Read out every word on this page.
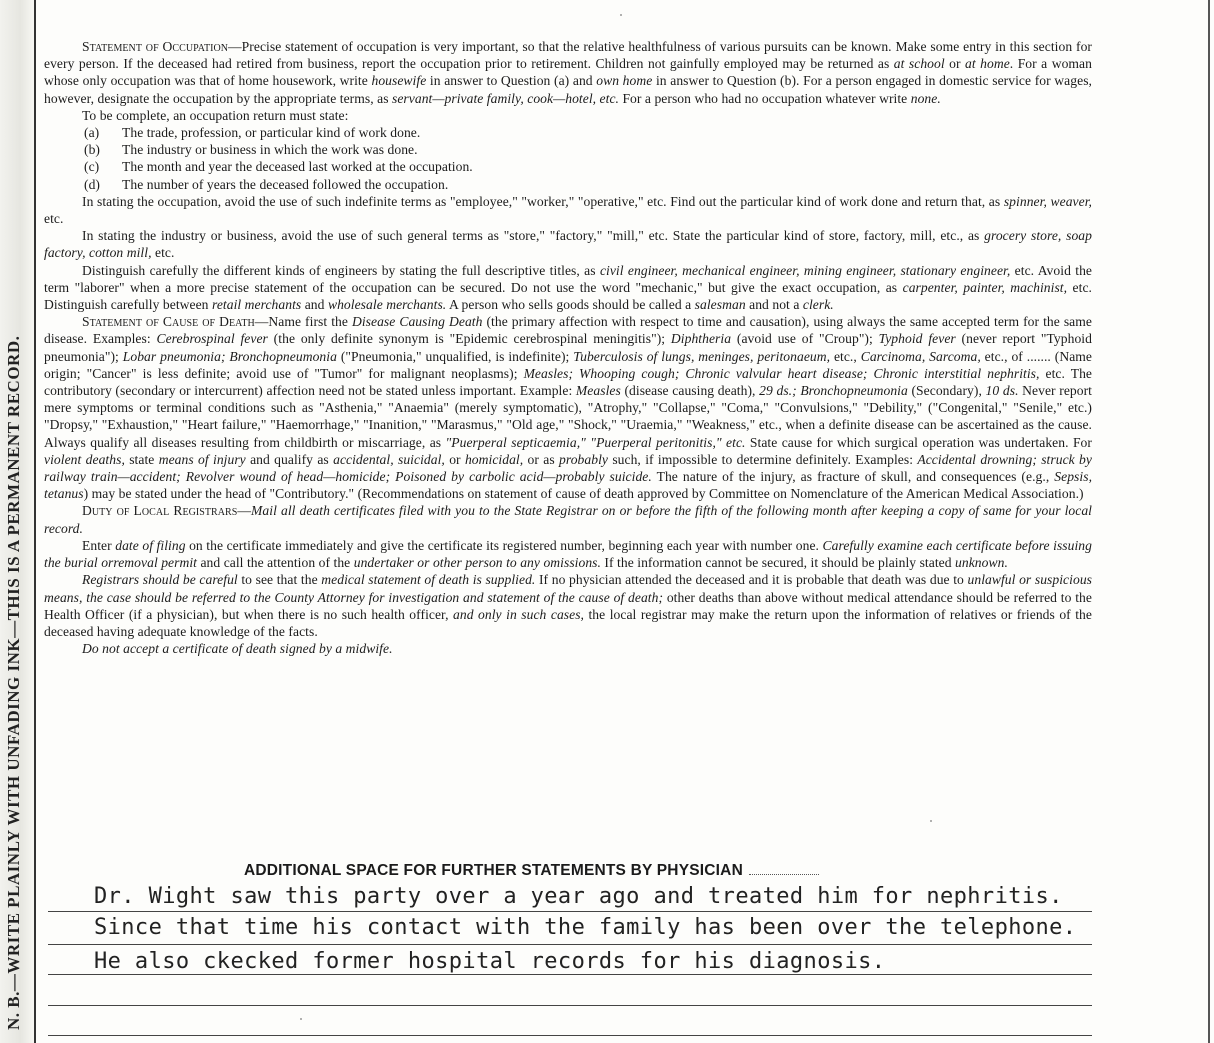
N. B.—WRITE PLAINLY WITH UNFADING INK—THIS IS A PERMANENT RECORD.

Statement of Occupation—Precise statement of occupation is very important, so that the relative healthfulness of various pursuits can be known. Make some entry in this section for every person. If the deceased had retired from business, report the occupation prior to retirement. Children not gainfully employed may be returned as at school or at home. For a woman whose only occupation was that of home housework, write housewife in answer to Question (a) and own home in answer to Question (b). For a person engaged in domestic service for wages, however, designate the occupation by the appropriate terms, as servant—private family, cook—hotel, etc. For a person who had no occupation whatever write none.

To be complete, an occupation return must state:

(a) The trade, profession, or particular kind of work done.
(b) The industry or business in which the work was done.
(c) The month and year the deceased last worked at the occupation.
(d) The number of years the deceased followed the occupation.

In stating the occupation, avoid the use of such indefinite terms as "employee," "worker," "operative," etc. Find out the particular kind of work done and return that, as spinner, weaver, etc.

In stating the industry or business, avoid the use of such general terms as "store," "factory," "mill," etc. State the particular kind of store, factory, mill, etc., as grocery store, soap factory, cotton mill, etc.

Distinguish carefully the different kinds of engineers by stating the full descriptive titles, as civil engineer, mechanical engineer, mining engineer, stationary engineer, etc. Avoid the term "laborer" when a more precise statement of the occupation can be secured. Do not use the word "mechanic," but give the exact occupation, as carpenter, painter, machinist, etc. Distinguish carefully between retail merchants and wholesale merchants. A person who sells goods should be called a salesman and not a clerk.

Statement of Cause of Death—Name first the Disease Causing Death (the primary affection with respect to time and causation), using always the same accepted term for the same disease. Examples: Cerebrospinal fever (the only definite synonym is "Epidemic cerebrospinal meningitis"); Diphtheria (avoid use of "Croup"); Typhoid fever (never report "Typhoid pneumonia"); Lobar pneumonia; Bronchopneumonia ("Pneumonia," unqualified, is indefinite); Tuberculosis of lungs, meninges, peritonaeum, etc., Carcinoma, Sarcoma, etc., of ....... (Name origin; "Cancer" is less definite; avoid use of "Tumor" for malignant neoplasms); Measles; Whooping cough; Chronic valvular heart disease; Chronic interstitial nephritis, etc. The contributory (secondary or intercurrent) affection need not be stated unless important. Example: Measles (disease causing death), 29 ds.; Bronchopneumonia (Secondary), 10 ds. Never report mere symptoms or terminal conditions such as "Asthenia," "Anaemia" (merely symptomatic), "Atrophy," "Collapse," "Coma," "Convulsions," "Debility," ("Congenital," "Senile," etc.) "Dropsy," "Exhaustion," "Heart failure," "Haemorrhage," "Inanition," "Marasmus," "Old age," "Shock," "Uraemia," "Weakness," etc., when a definite disease can be ascertained as the cause. Always qualify all diseases resulting from childbirth or miscarriage, as "Puerperal septicaemia," "Puerperal peritonitis," etc. State cause for which surgical operation was undertaken. For violent deaths, state means of injury and qualify as accidental, suicidal, or homicidal, or as probably such, if impossible to determine definitely. Examples: Accidental drowning; struck by railway train—accident; Revolver wound of head—homicide; Poisoned by carbolic acid—probably suicide. The nature of the injury, as fracture of skull, and consequences (e.g., Sepsis, tetanus) may be stated under the head of "Contributory." (Recommendations on statement of cause of death approved by Committee on Nomenclature of the American Medical Association.)

Duty of Local Registrars—Mail all death certificates filed with you to the State Registrar on or before the fifth of the following month after keeping a copy of same for your local record.

Enter date of filing on the certificate immediately and give the certificate its registered number, beginning each year with number one. Carefully examine each certificate before issuing the burial orremoval permit and call the attention of the undertaker or other person to any omissions. If the information cannot be secured, it should be plainly stated unknown.

Registrars should be careful to see that the medical statement of death is supplied. If no physician attended the deceased and it is probable that death was due to unlawful or suspicious means, the case should be referred to the County Attorney for investigation and statement of the cause of death; other deaths than above without medical attendance should be referred to the Health Officer (if a physician), but when there is no such health officer, and only in such cases, the local registrar may make the return upon the information of relatives or friends of the deceased having adequate knowledge of the facts.

Do not accept a certificate of death signed by a midwife.

ADDITIONAL SPACE FOR FURTHER STATEMENTS BY PHYSICIAN
Dr. Wight saw this party over a year ago and treated him for nephritis.
Since that time his contact with the family has been over the telephone.
He also ckecked former hospital records for his diagnosis.
